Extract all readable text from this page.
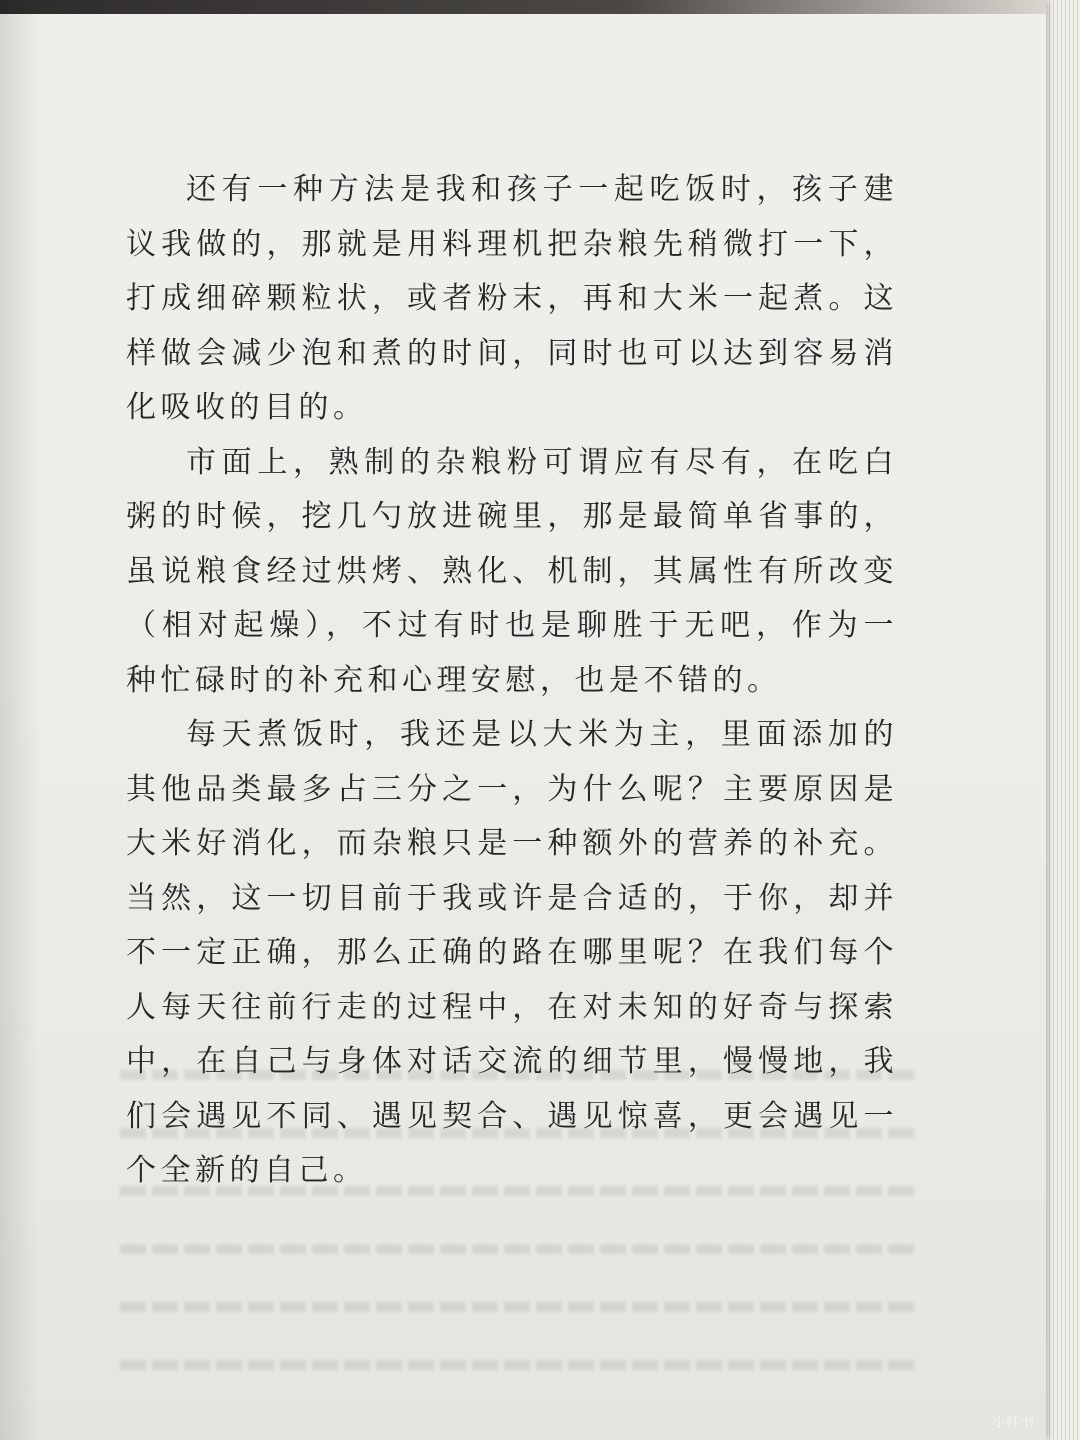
还有一种方法是我和孩子一起吃饭时，孩子建议我做的，那就是用料理机把杂粮先稍微打一下，打成细碎颗粒状，或者粉末，再和大米一起煮。这样做会减少泡和煮的时间，同时也可以达到容易消化吸收的目的。

市面上，熟制的杂粮粉可谓应有尽有，在吃白粥的时候，挖几勺放进碗里，那是最简单省事的，虽说粮食经过烘烤、熟化、机制，其属性有所改变（相对起燥），不过有时也是聊胜于无吧，作为一种忙碌时的补充和心理安慰，也是不错的。

每天煮饭时，我还是以大米为主，里面添加的其他品类最多占三分之一，为什么呢？主要原因是大米好消化，而杂粮只是一种额外的营养的补充。当然，这一切目前于我或许是合适的，于你，却并不一定正确，那么正确的路在哪里呢？在我们每个人每天往前行走的过程中，在对未知的好奇与探索中，在自己与身体对话交流的细节里，慢慢地，我们会遇见不同、遇见契合、遇见惊喜，更会遇见一个全新的自己。

小红书
